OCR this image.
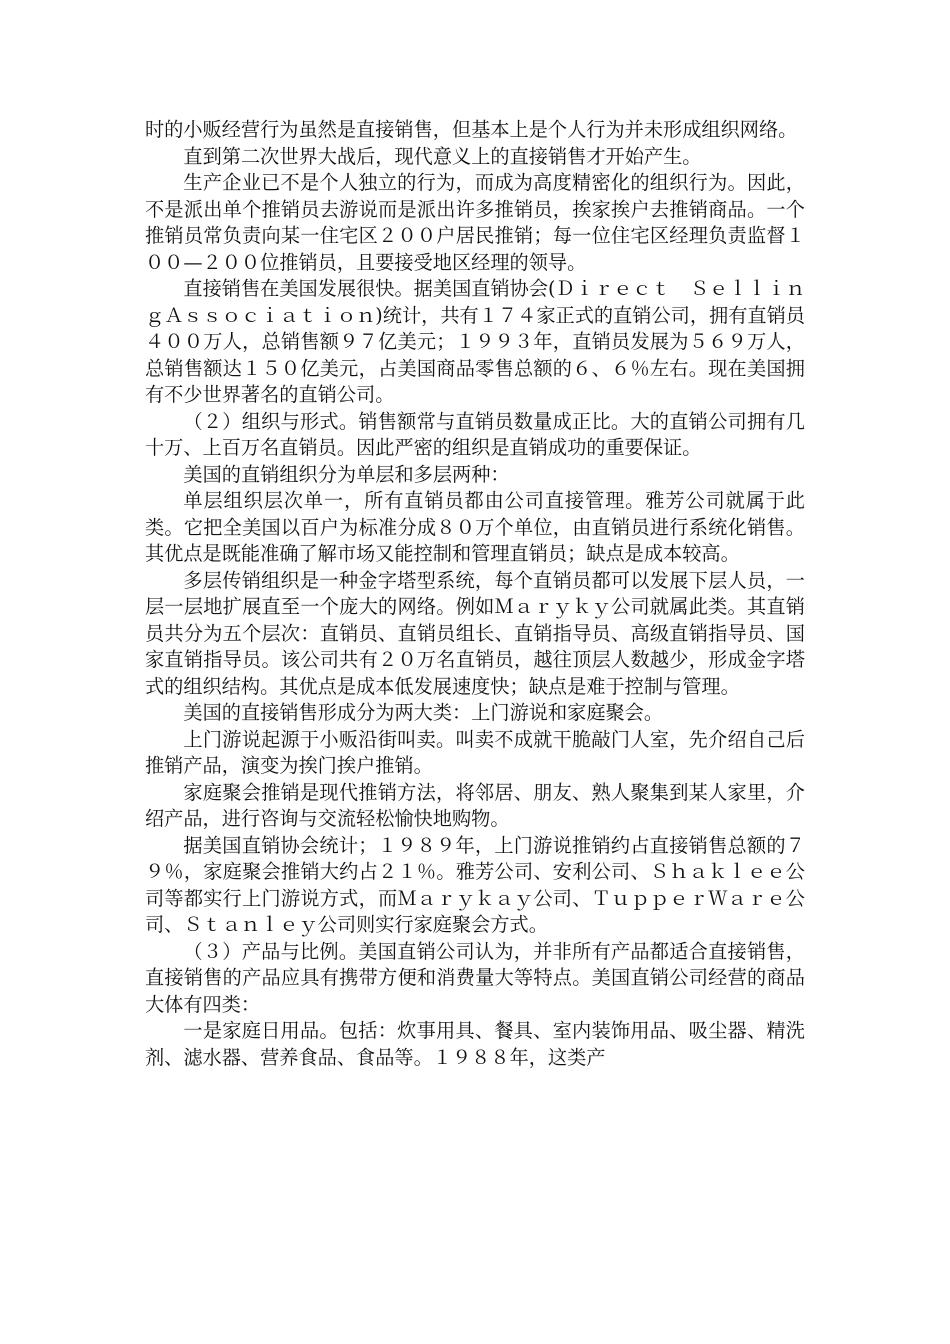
时的小贩经营行为虽然是直接销售，但基本上是个人行为并未形成组织网络。

直到第二次世界大战后，现代意义上的直接销售才开始产生。

生产企业已不是个人独立的行为，而成为高度精密化的组织行为。因此，不是派出单个推销员去游说而是派出许多推销员，挨家挨户去推销商品。一个推销员常负责向某一住宅区２００户居民推销；每一位住宅区经理负责监督１００—２００位推销员，且要接受地区经理的领导。

直接销售在美国发展很快。据美国直销协会(Ｄｉｒｅｃｔ　ＳｅｌｌｉｎｇＡｓｓｏｃｉａｔｉｏｎ)统计，共有１７４家正式的直销公司，拥有直销员４００万人，总销售额９７亿美元；１９９３年，直销员发展为５６９万人，总销售额达１５０亿美元，占美国商品零售总额的６、６％左右。现在美国拥有不少世界著名的直销公司。

（２）组织与形式。销售额常与直销员数量成正比。大的直销公司拥有几十万、上百万名直销员。因此严密的组织是直销成功的重要保证。

美国的直销组织分为单层和多层两种：

单层组织层次单一，所有直销员都由公司直接管理。雅芳公司就属于此类。它把全美国以百户为标准分成８０万个单位，由直销员进行系统化销售。其优点是既能准确了解市场又能控制和管理直销员；缺点是成本较高。

多层传销组织是一种金字塔型系统，每个直销员都可以发展下层人员，一层一层地扩展直至一个庞大的网络。例如Ｍａｒｙｋｙ公司就属此类。其直销员共分为五个层次：直销员、直销员组长、直销指导员、高级直销指导员、国家直销指导员。该公司共有２０万名直销员，越往顶层人数越少，形成金字塔式的组织结构。其优点是成本低发展速度快；缺点是难于控制与管理。

美国的直接销售形成分为两大类：上门游说和家庭聚会。

上门游说起源于小贩沿街叫卖。叫卖不成就干脆敲门人室，先介绍自己后推销产品，演变为挨门挨户推销。

家庭聚会推销是现代推销方法，将邻居、朋友、熟人聚集到某人家里，介绍产品，进行咨询与交流轻松愉快地购物。

据美国直销协会统计；１９８９年，上门游说推销约占直接销售总额的７９％，家庭聚会推销大约占２１％。雅芳公司、安利公司、Ｓｈａｋｌｅｅ公司等都实行上门游说方式，而Ｍａｒｙｋａｙ公司、ＴｕｐｐｅｒＷａｒｅ公司、Ｓｔａｎｌｅｙ公司则实行家庭聚会方式。

（３）产品与比例。美国直销公司认为，并非所有产品都适合直接销售，直接销售的产品应具有携带方便和消费量大等特点。美国直销公司经营的商品大体有四类：

一是家庭日用品。包括：炊事用具、餐具、室内装饰用品、吸尘器、精洗剂、滤水器、营养食品、食品等。１９８８年，这类产
